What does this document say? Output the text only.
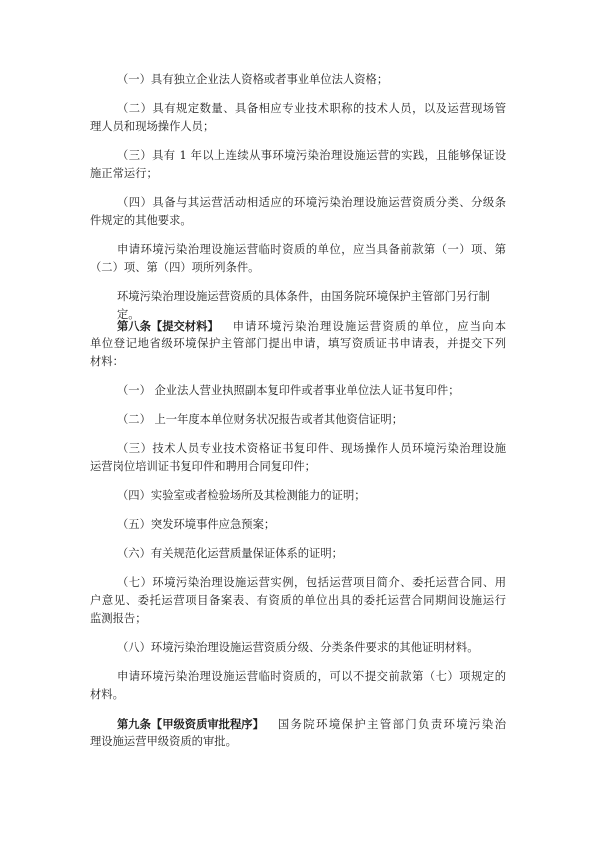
（一）具有独立企业法人资格或者事业单位法人资格；
（二）具有规定数量、具备相应专业技术职称的技术人员，以及运营现场管
理人员和现场操作人员；
（三）具有 1 年以上连续从事环境污染治理设施运营的实践，且能够保证设
施正常运行；
（四）具备与其运营活动相适应的环境污染治理设施运营资质分类、分级条
件规定的其他要求。
申请环境污染治理设施运营临时资质的单位，应当具备前款第（一）项、第
（二）项、第（四）项所列条件。
环境污染治理设施运营资质的具体条件，由国务院环境保护主管部门另行制定。
第八条【提交材料】 申请环境污染治理设施运营资质的单位，应当向本
单位登记地省级环境保护主管部门提出申请，填写资质证书申请表，并提交下列
材料：
（一） 企业法人营业执照副本复印件或者事业单位法人证书复印件；
（二） 上一年度本单位财务状况报告或者其他资信证明；
（三）技术人员专业技术资格证书复印件、现场操作人员环境污染治理设施
运营岗位培训证书复印件和聘用合同复印件；
（四）实验室或者检验场所及其检测能力的证明；
（五）突发环境事件应急预案；
（六）有关规范化运营质量保证体系的证明；
（七）环境污染治理设施运营实例，包括运营项目简介、委托运营合同、用
户意见、委托运营项目备案表、有资质的单位出具的委托运营合同期间设施运行
监测报告；
（八）环境污染治理设施运营资质分级、分类条件要求的其他证明材料。
申请环境污染治理设施运营临时资质的，可以不提交前款第（七）项规定的
材料。
第九条【甲级资质审批程序】 国务院环境保护主管部门负责环境污染治
理设施运营甲级资质的审批。
